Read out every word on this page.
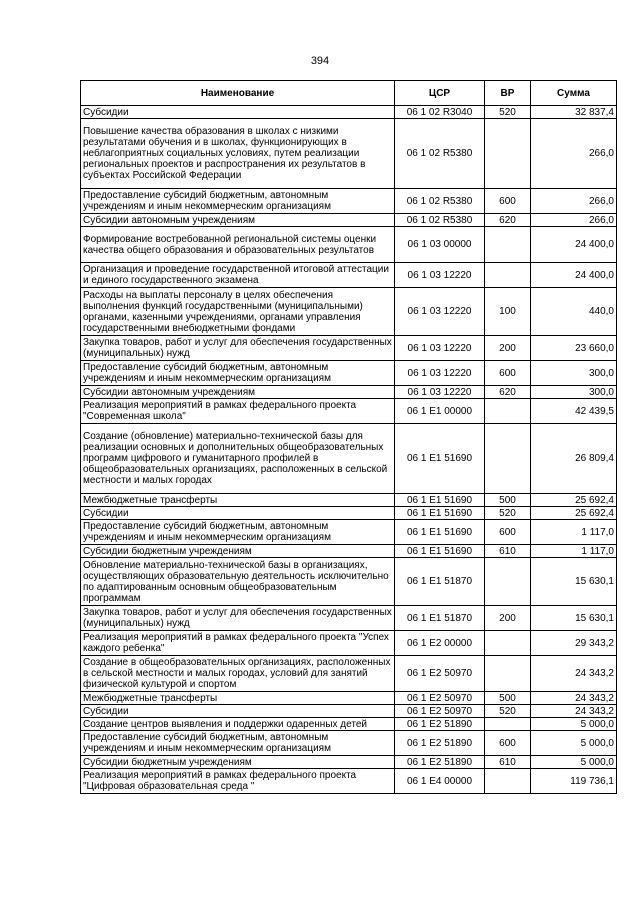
394
Наименование	ЦСР	ВР	Сумма
Субсидии	06 1 02 R3040	520	32 837,4
Повышение качества образования в школах с низкими результатами обучения и в школах, функционирующих в неблагоприятных социальных условиях, путем реализации региональных проектов и распространения их результатов в субъектах Российской Федерации	06 1 02 R5380		266,0
Предоставление субсидий бюджетным, автономным учреждениям и иным некоммерческим организациям	06 1 02 R5380	600	266,0
Субсидии автономным учреждениям	06 1 02 R5380	620	266,0
Формирование востребованной региональной системы оценки качества общего образования и образовательных результатов	06 1 03 00000		24 400,0
Организация и проведение государственной итоговой аттестации и единого государственного экзамена	06 1 03 12220		24 400,0
Расходы на выплаты персоналу в целях обеспечения выполнения функций государственными (муниципальными) органами, казенными учреждениями, органами управления государственными внебюджетными фондами	06 1 03 12220	100	440,0
Закупка товаров, работ и услуг для обеспечения государственных (муниципальных) нужд	06 1 03 12220	200	23 660,0
Предоставление субсидий бюджетным, автономным учреждениям и иным некоммерческим организациям	06 1 03 12220	600	300,0
Субсидии автономным учреждениям	06 1 03 12220	620	300,0
Реализация мероприятий в рамках федерального проекта "Современная школа"	06 1 E1 00000		42 439,5
Создание (обновление) материально-технической базы для реализации основных и дополнительных общеобразовательных программ цифрового и гуманитарного профилей в общеобразовательных организациях, расположенных в сельской местности и малых городах	06 1 E1 51690		26 809,4
Межбюджетные трансферты	06 1 E1 51690	500	25 692,4
Субсидии	06 1 E1 51690	520	25 692,4
Предоставление субсидий бюджетным, автономным учреждениям и иным некоммерческим организациям	06 1 E1 51690	600	1 117,0
Субсидии бюджетным учреждениям	06 1 E1 51690	610	1 117,0
Обновление материально-технической базы в организациях, осуществляющих образовательную деятельность исключительно по адаптированным основным общеобразовательным программам	06 1 E1 51870		15 630,1
Закупка товаров, работ и услуг для обеспечения государственных (муниципальных) нужд	06 1 E1 51870	200	15 630,1
Реализация мероприятий в рамках федерального проекта "Успех каждого ребенка"	06 1 E2 00000		29 343,2
Создание в общеобразовательных организациях, расположенных в сельской местности и малых городах, условий для занятий физической культурой и спортом	06 1 E2 50970		24 343,2
Межбюджетные трансферты	06 1 E2 50970	500	24 343,2
Субсидии	06 1 E2 50970	520	24 343,2
Создание центров выявления и поддержки одаренных детей	06 1 E2 51890		5 000,0
Предоставление субсидий бюджетным, автономным учреждениям и иным некоммерческим организациям	06 1 E2 51890	600	5 000,0
Субсидии бюджетным учреждениям	06 1 E2 51890	610	5 000,0
Реализация мероприятий в рамках федерального проекта "Цифровая образовательная среда "	06 1 E4 00000		119 736,1
